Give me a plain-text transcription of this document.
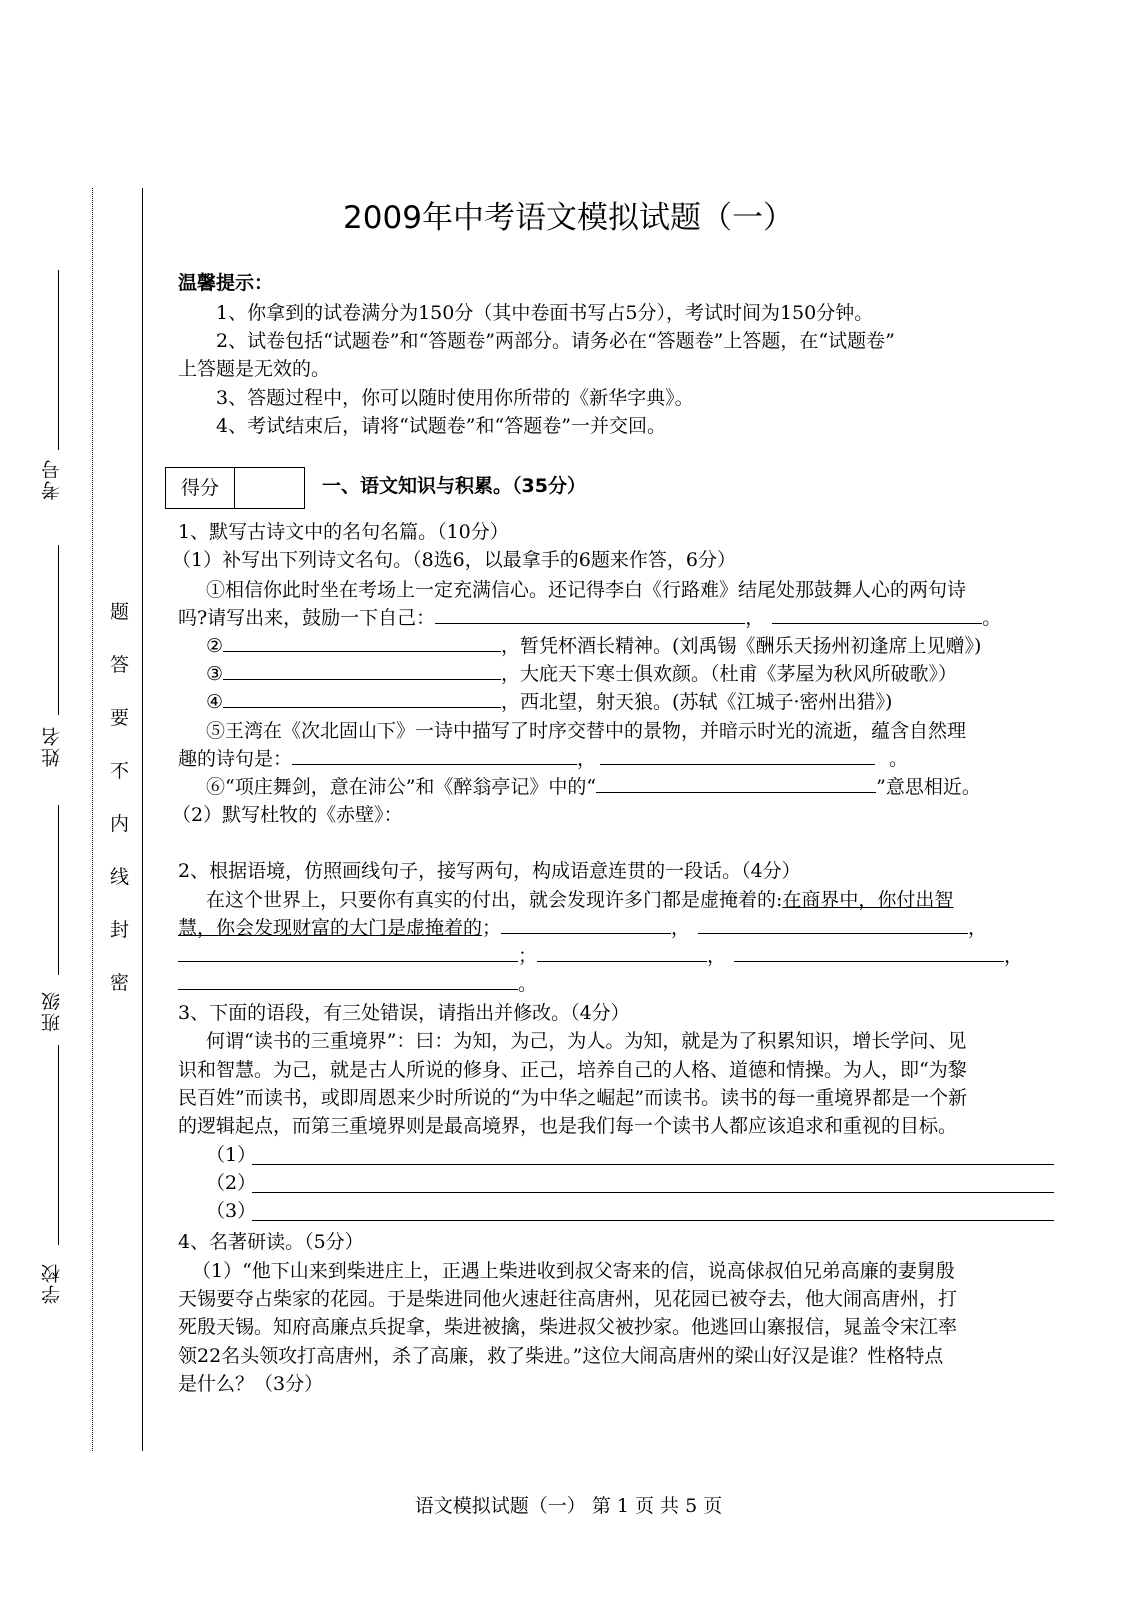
考号
姓名
班级
学校
密
封
线
内
不
要
答
题
2009年中考语文模拟试题（一）
温馨提示：
1、你拿到的试卷满分为150分（其中卷面书写占5分），考试时间为150分钟。
2、试卷包括“试题卷”和“答题卷”两部分。请务必在“答题卷”上答题，在“试题卷”
上答题是无效的。
3、答题过程中，你可以随时使用你所带的《新华字典》。
4、考试结束后，请将“试题卷”和“答题卷”一并交回。
得分	一、语文知识与积累。（35分）
1、默写古诗文中的名句名篇。（10分）
（1）补写出下列诗文名句。（8选6，以最拿手的6题来作答，6分）
①相信你此时坐在考场上一定充满信心。还记得李白《行路难》结尾处那鼓舞人心的两句诗
吗?请写出来，鼓励一下自己：	，	。
②	，暂凭杯酒长精神。(刘禹锡《酬乐天扬州初逢席上见赠》)
③	，大庇天下寒士俱欢颜。（杜甫《茅屋为秋风所破歌》）
④	，西北望，射天狼。(苏轼《江城子·密州出猎》)
⑤王湾在《次北固山下》一诗中描写了时序交替中的景物，并暗示时光的流逝，蕴含自然理
趣的诗句是：	，	。
⑥“项庄舞剑，意在沛公”和《醉翁亭记》中的“	”意思相近。
（2）默写杜牧的《赤壁》：
2、根据语境，仿照画线句子，接写两句，构成语意连贯的一段话。（4分）
在这个世界上，只要你有真实的付出，就会发现许多门都是虚掩着的:在商界中，你付出智
慧，你会发现财富的大门是虚掩着的；	，	，
；	，	，
。
3、下面的语段，有三处错误，请指出并修改。（4分）
何谓“读书的三重境界”：曰：为知，为己，为人。为知，就是为了积累知识，增长学问、见
识和智慧。为己，就是古人所说的修身、正己，培养自己的人格、道德和情操。为人，即“为黎
民百姓”而读书，或即周恩来少时所说的“为中华之崛起”而读书。读书的每一重境界都是一个新
的逻辑起点，而第三重境界则是最高境界，也是我们每一个读书人都应该追求和重视的目标。
（1）
（2）
（3）
4、名著研读。（5分）
（1）“他下山来到柴进庄上，正遇上柴进收到叔父寄来的信，说高俅叔伯兄弟高廉的妻舅殷
天锡要夺占柴家的花园。于是柴进同他火速赶往高唐州，见花园已被夺去，他大闹高唐州，打
死殷天锡。知府高廉点兵捉拿，柴进被擒，柴进叔父被抄家。他逃回山寨报信，晁盖令宋江率
领22名头领攻打高唐州，杀了高廉，救了柴进。”这位大闹高唐州的梁山好汉是谁？性格特点
是什么？（3分）
语文模拟试题（一） 第 1 页 共 5 页
